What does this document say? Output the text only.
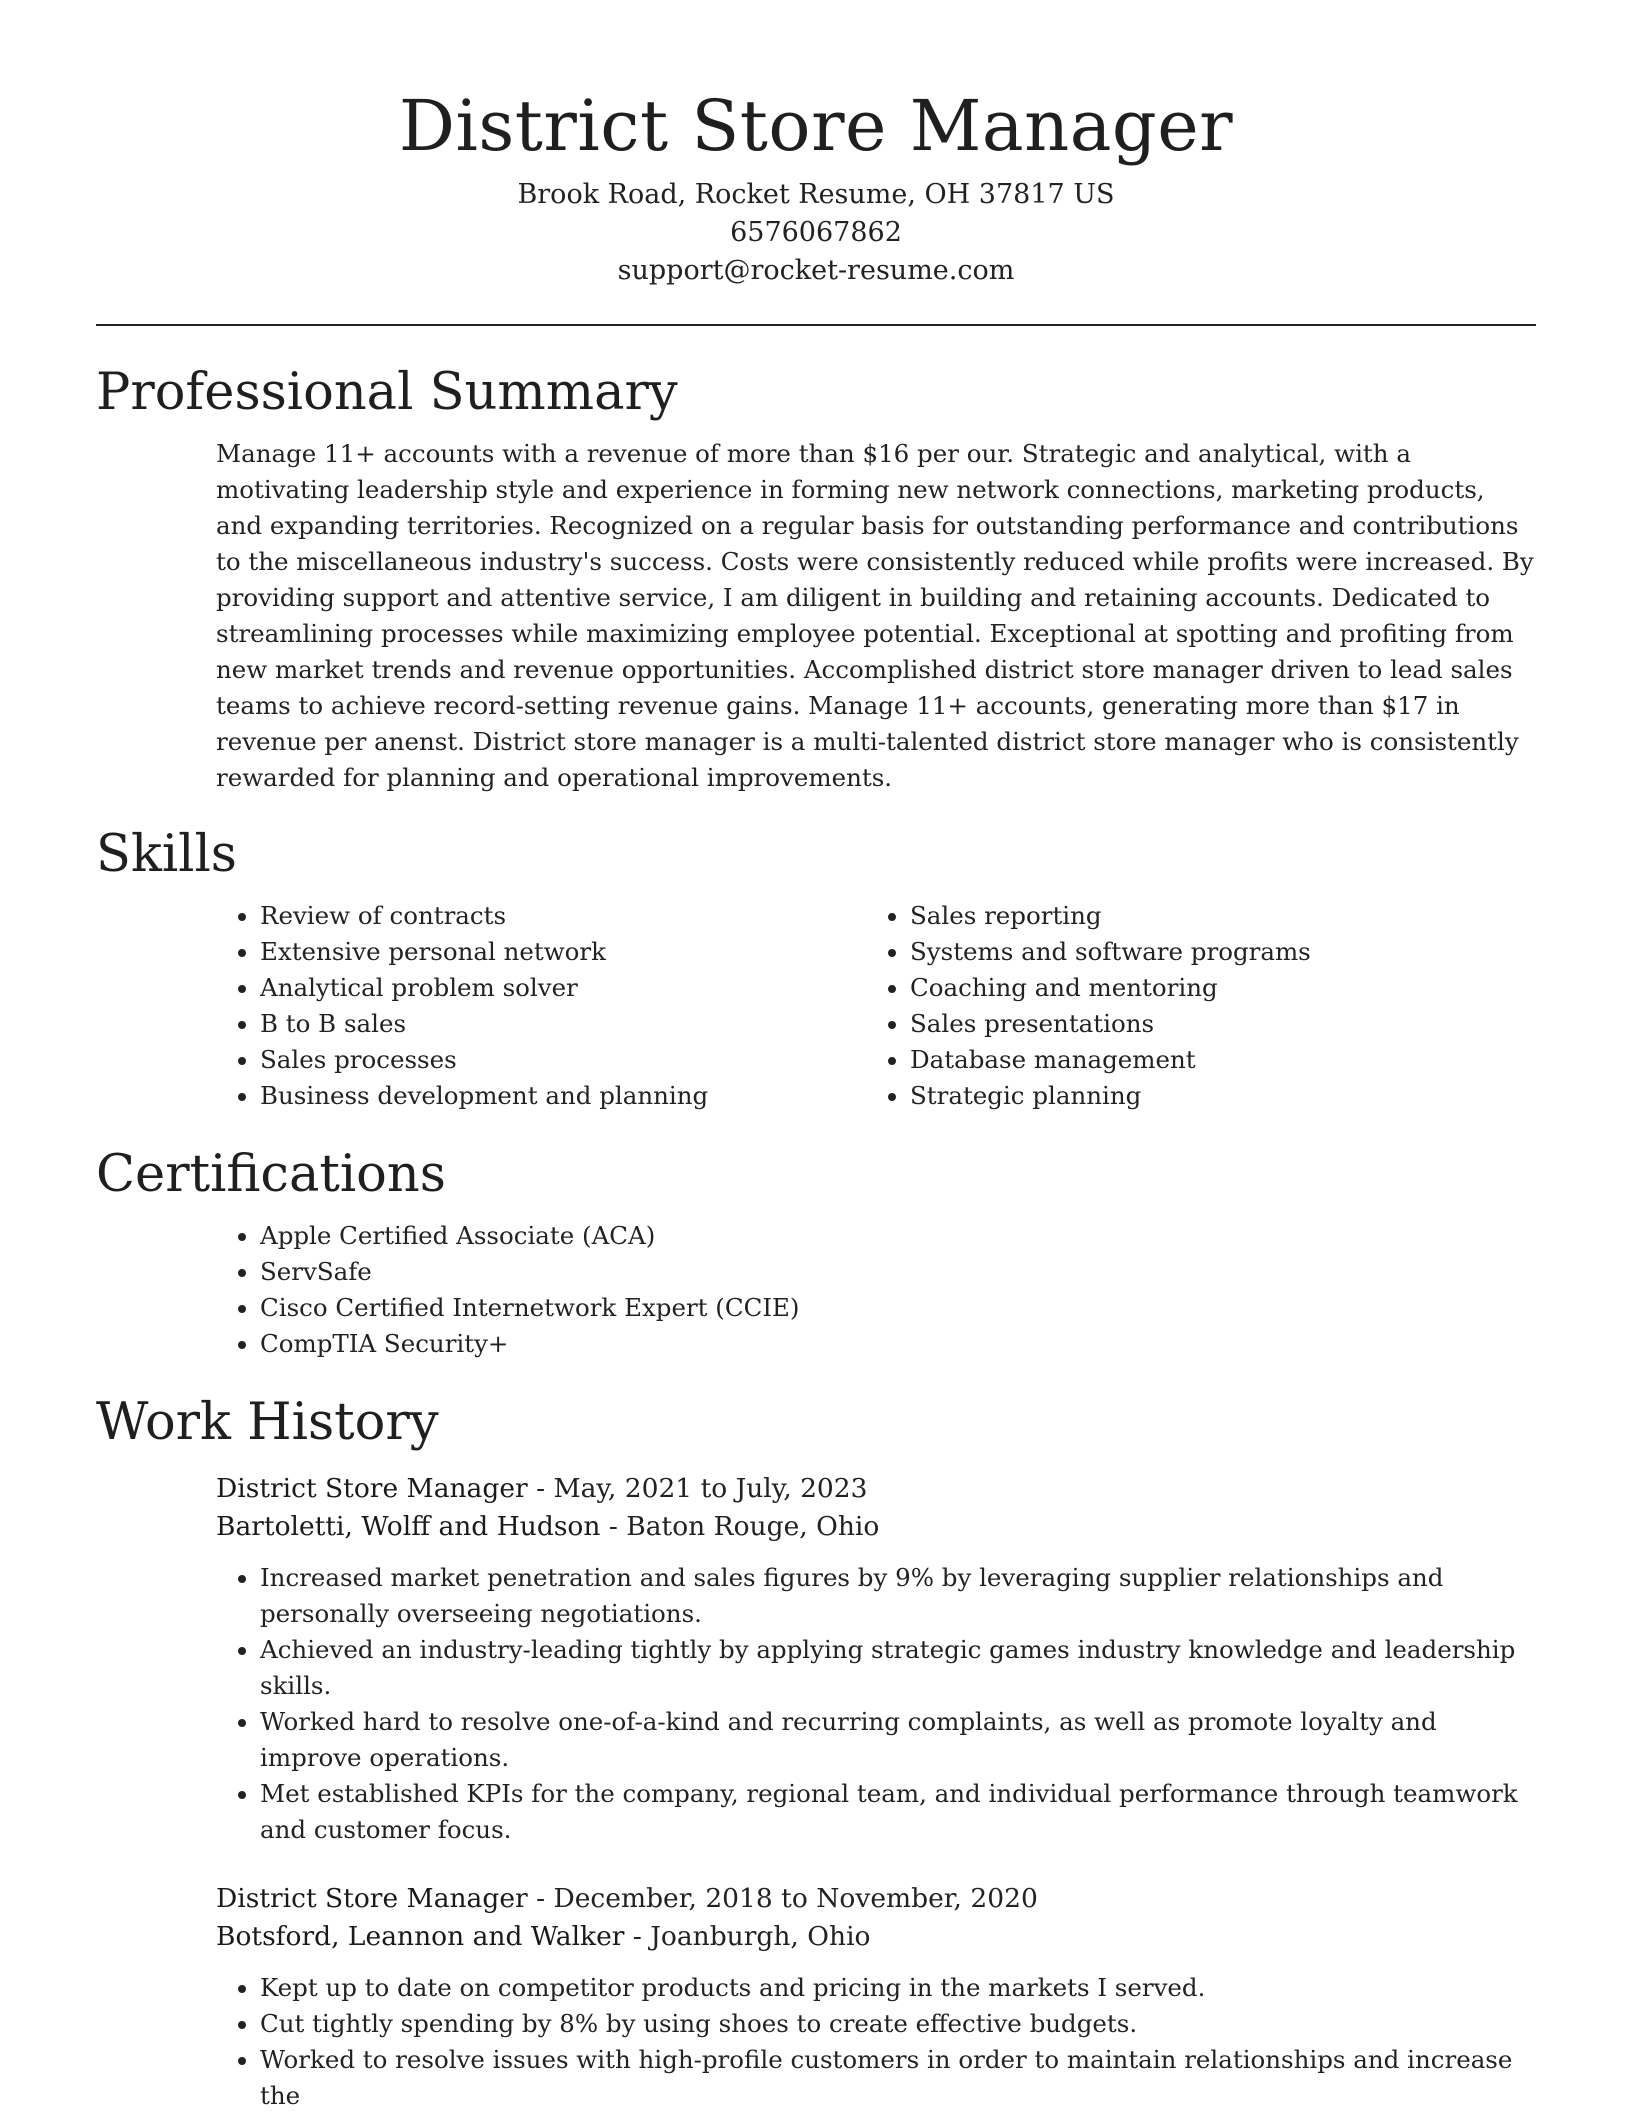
District Store Manager
Brook Road, Rocket Resume, OH 37817 US
6576067862
support@rocket-resume.com
Professional Summary
Manage 11+ accounts with a revenue of more than $16 per our. Strategic and analytical, with a motivating leadership style and experience in forming new network connections, marketing products, and expanding territories. Recognized on a regular basis for outstanding performance and contributions to the miscellaneous industry's success. Costs were consistently reduced while profits were increased. By providing support and attentive service, I am diligent in building and retaining accounts. Dedicated to streamlining processes while maximizing employee potential. Exceptional at spotting and profiting from new market trends and revenue opportunities. Accomplished district store manager driven to lead sales teams to achieve record-setting revenue gains. Manage 11+ accounts, generating more than $17 in revenue per anenst. District store manager is a multi-talented district store manager who is consistently rewarded for planning and operational improvements.
Skills
• Review of contracts
• Extensive personal network
• Analytical problem solver
• B to B sales
• Sales processes
• Business development and planning
• Sales reporting
• Systems and software programs
• Coaching and mentoring
• Sales presentations
• Database management
• Strategic planning
Certifications
• Apple Certified Associate (ACA)
• ServSafe
• Cisco Certified Internetwork Expert (CCIE)
• CompTIA Security+
Work History
District Store Manager - May, 2021 to July, 2023
Bartoletti, Wolff and Hudson - Baton Rouge, Ohio
• Increased market penetration and sales figures by 9% by leveraging supplier relationships and personally overseeing negotiations.
• Achieved an industry-leading tightly by applying strategic games industry knowledge and leadership skills.
• Worked hard to resolve one-of-a-kind and recurring complaints, as well as promote loyalty and improve operations.
• Met established KPIs for the company, regional team, and individual performance through teamwork and customer focus.
District Store Manager - December, 2018 to November, 2020
Botsford, Leannon and Walker - Joanburgh, Ohio
• Kept up to date on competitor products and pricing in the markets I served.
• Cut tightly spending by 8% by using shoes to create effective budgets.
• Worked to resolve issues with high-profile customers in order to maintain relationships and increase the
